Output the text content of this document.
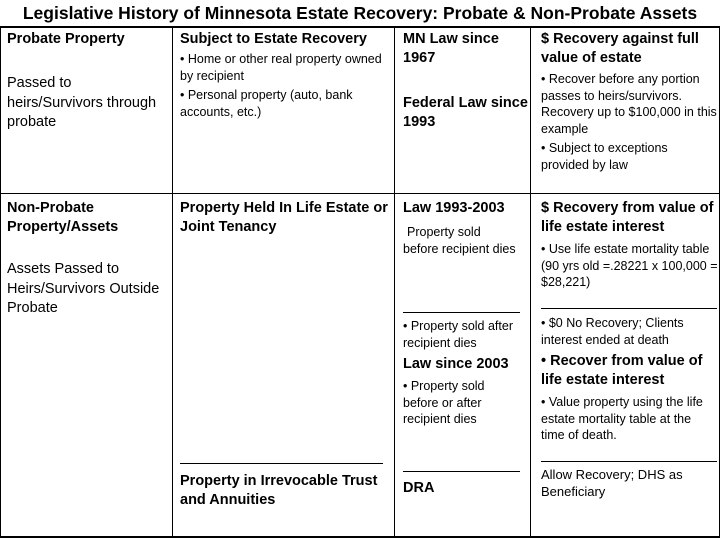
Legislative History of Minnesota Estate Recovery: Probate & Non-Probate Assets
Probate Property
Passed to heirs/Survivors through probate
Subject to Estate Recovery
• Home or other real property owned by recipient
• Personal property (auto, bank accounts, etc.)
MN Law since 1967
Federal Law since 1993
$ Recovery against full value of estate
• Recover before any portion passes to heirs/survivors. Recovery up to $100,000 in this example
• Subject to exceptions provided by law
Non-Probate Property/Assets
Assets Passed to Heirs/Survivors Outside Probate
Property Held In Life Estate or Joint Tenancy
Property in Irrevocable Trust and Annuities
Law 1993-2003
Property sold before recipient dies
• Property sold after recipient dies
Law since 2003
• Property sold before or after recipient dies
DRA
$ Recovery from value of life estate interest
• Use life estate mortality table (90 yrs old =.28221 x 100,000 = $28,221)
• $0 No Recovery; Clients interest ended at death
• Recover from value of life estate interest
• Value property using the life estate mortality table at the time of death.
Allow Recovery; DHS as Beneficiary
